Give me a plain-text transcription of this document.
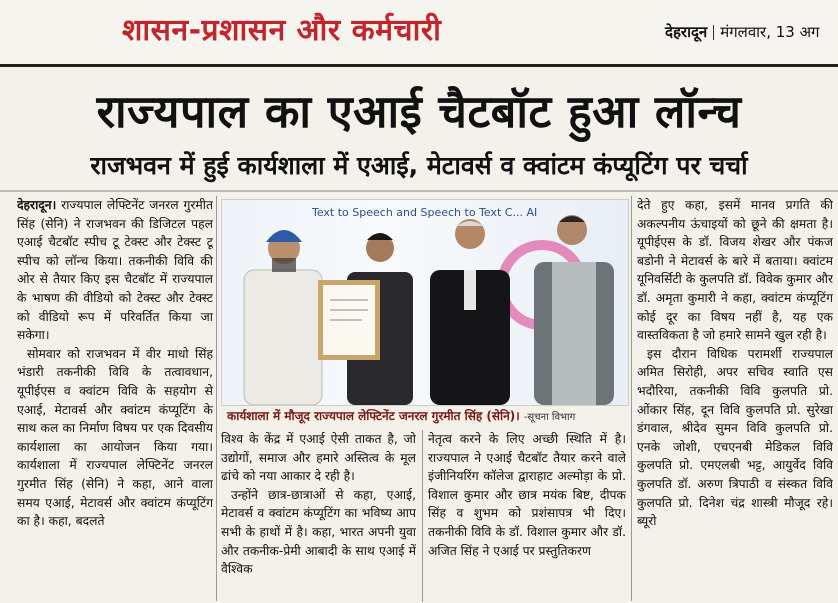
शासन-प्रशासन और कर्मचारी	देहरादून मंगलवार, 13 अग
राज्यपाल का एआई चैटबॉट हुआ लॉन्च
राजभवन में हुई कार्यशाला में एआई, मेटावर्स व क्वांटम कंप्यूटिंग पर चर्चा

देहरादून। राज्यपाल लेफ्टिनेंट जनरल गुरमीत सिंह (सेनि) ने राजभवन की डिजिटल पहल एआई चैटबॉट स्पीच टू टेक्स्ट और टेक्स्ट टू स्पीच को लॉन्च किया। तकनीकी विवि की ओर से तैयार किए इस चैटबॉट में राज्यपाल के भाषण की वीडियो को टेक्स्ट और टेक्स्ट को वीडियो रूप में परिवर्तित किया जा सकेगा।

सोमवार को राजभवन में वीर माधो सिंह भंडारी तकनीकी विवि के तत्वावधान, यूपीईएस व क्वांटम विवि के सहयोग से एआई, मेटावर्स और क्वांटम कंप्यूटिंग के साथ कल का निर्माण विषय पर एक दिवसीय कार्यशाला का आयोजन किया गया। कार्यशाला में राज्यपाल लेफ्टिनेंट जनरल गुरमीत सिंह (सेनि) ने कहा, आने वाला समय एआई, मेटावर्स और क्वांटम कंप्यूटिंग का है। कहा, बदलते

Text to Speech and Speech to Text C... AI
कार्यशाला में मौजूद राज्यपाल लेफ्टिनेंट जनरल गुरमीत सिंह (सेनि)। -सूचना विभाग

विश्व के केंद्र में एआई ऐसी ताकत है, जो उद्योगों, समाज और हमारे अस्तित्व के मूल ढांचे को नया आकार दे रही है।

उन्होंने छात्र-छात्राओं से कहा, एआई, मेटावर्स व क्वांटम कंप्यूटिंग का भविष्य आप सभी के हाथों में है। कहा, भारत अपनी युवा और तकनीक-प्रेमी आबादी के साथ एआई में वैश्विक

नेतृत्व करने के लिए अच्छी स्थिति में है। राज्यपाल ने एआई चैटबॉट तैयार करने वाले इंजीनियरिंग कॉलेज द्वाराहाट अल्मोड़ा के प्रो. विशाल कुमार और छात्र मयंक बिष्ट, दीपक सिंह व शुभम को प्रशंसापत्र भी दिए। तकनीकी विवि के डॉ. विशाल कुमार और डॉ. अजित सिंह ने एआई पर प्रस्तुतिकरण

देते हुए कहा, इसमें मानव प्रगति की अकल्पनीय ऊंचाइयों को छूने की क्षमता है। यूपीईएस के डॉ. विजय शेखर और पंकज बडोनी ने मेटावर्स के बारे में बताया। क्वांटम यूनिवर्सिटी के कुलपति डॉ. विवेक कुमार और डॉ. अमृता कुमारी ने कहा, क्वांटम कंप्यूटिंग कोई दूर का विषय नहीं है, यह एक वास्तविकता है जो हमारे सामने खुल रही है।

इस दौरान विधिक परामर्शी राज्यपाल अमित सिरोही, अपर सचिव स्वाति एस भदौरिया, तकनीकी विवि कुलपति प्रो. ओंकार सिंह, दून विवि कुलपति प्रो. सुरेखा डंगवाल, श्रीदेव सुमन विवि कुलपति प्रो. एनके जोशी, एचएनबी मेडिकल विवि कुलपति प्रो. एमएलबी भट्ट, आयुर्वेद विवि कुलपति डॉ. अरुण त्रिपाठी व संस्कत विवि कुलपति प्रो. दिनेश चंद्र शास्त्री मौजूद रहे। ब्यूरो
